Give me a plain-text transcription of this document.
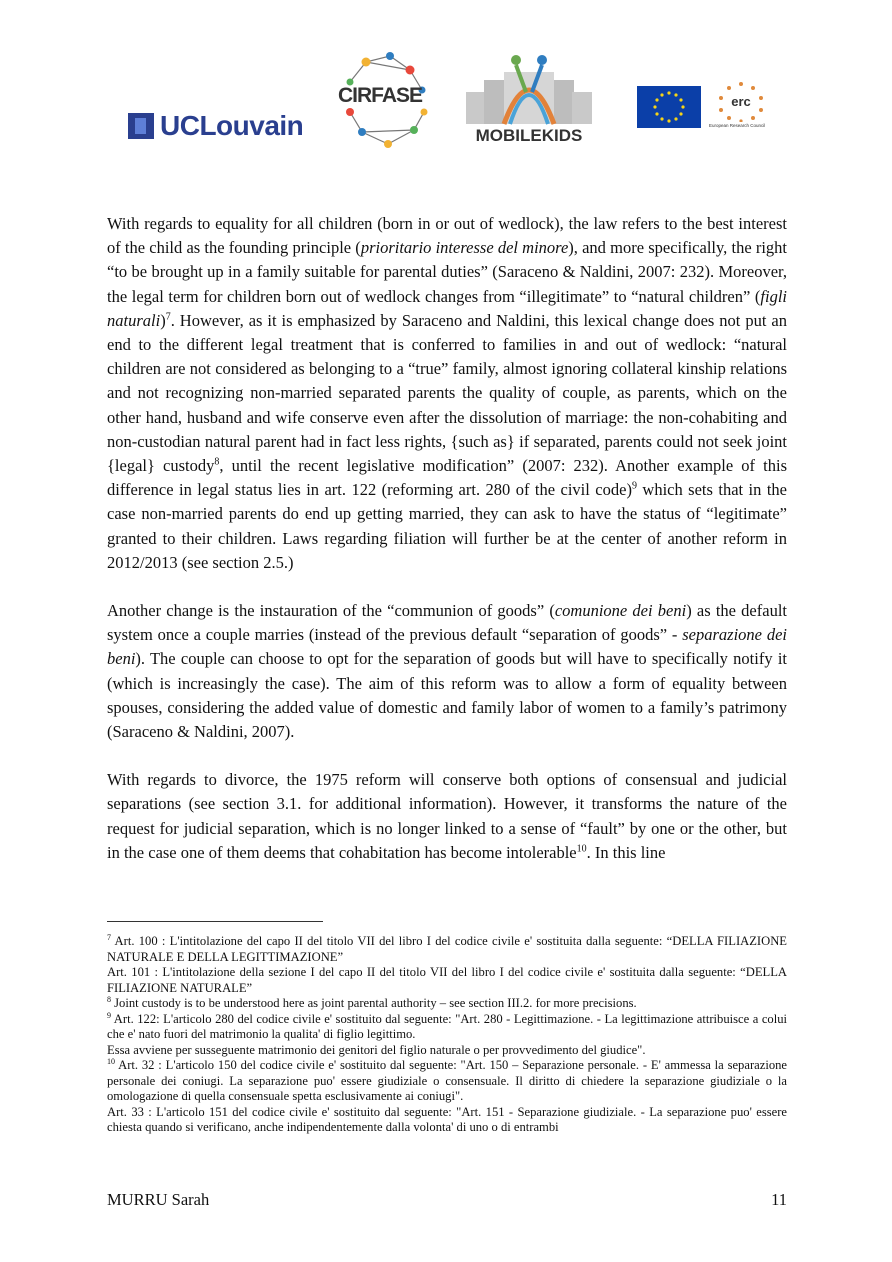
UCLouvain
CIRFASE
MOBILEKIDS
erc
European Research Council

With regards to equality for all children (born in or out of wedlock), the law refers to the best interest of the child as the founding principle (prioritario interesse del minore), and more specifically, the right “to be brought up in a family suitable for parental duties” (Saraceno & Naldini, 2007: 232). Moreover, the legal term for children born out of wedlock changes from “illegitimate” to “natural children” (figli naturali)$^7$. However, as it is emphasized by Saraceno and Naldini, this lexical change does not put an end to the different legal treatment that is conferred to families in and out of wedlock: “natural children are not considered as belonging to a “true” family, almost ignoring collateral kinship relations and not recognizing non-married separated parents the quality of couple, as parents, which on the other hand, husband and wife conserve even after the dissolution of marriage: the non-cohabiting and non-custodian natural parent had in fact less rights, {such as} if separated, parents could not seek joint {legal} custody$^8$, until the recent legislative modification” (2007: 232). Another example of this difference in legal status lies in art. 122 (reforming art. 280 of the civil code)$^9$ which sets that in the case non-married parents do end up getting married, they can ask to have the status of “legitimate” granted to their children. Laws regarding filiation will further be at the center of another reform in 2012/2013 (see section 2.5.)

Another change is the instauration of the “communion of goods” (comunione dei beni) as the default system once a couple marries (instead of the previous default “separation of goods” - separazione dei beni). The couple can choose to opt for the separation of goods but will have to specifically notify it (which is increasingly the case). The aim of this reform was to allow a form of equality between spouses, considering the added value of domestic and family labor of women to a family’s patrimony (Saraceno & Naldini, 2007).

With regards to divorce, the 1975 reform will conserve both options of consensual and judicial separations (see section 3.1. for additional information). However, it transforms the nature of the request for judicial separation, which is no longer linked to a sense of “fault” by one or the other, but in the case one of them deems that cohabitation has become intolerable$^{10}$. In this line

$^7$ Art. 100 : L'intitolazione del capo II del titolo VII del libro I del codice civile e' sostituita dalla seguente: “DELLA FILIAZIONE NATURALE E DELLA LEGITTIMAZIONE”

Art. 101 : L'intitolazione della sezione I del capo II del titolo VII del libro I del codice civile e' sostituita dalla seguente: “DELLA FILIAZIONE NATURALE”

$^8$ Joint custody is to be understood here as joint parental authority – see section III.2. for more precisions.

$^9$ Art. 122: L'articolo 280 del codice civile e' sostituito dal seguente: "Art. 280 - Legittimazione. - La legittimazione attribuisce a colui che e' nato fuori del matrimonio la qualita' di figlio legittimo.

Essa avviene per susseguente matrimonio dei genitori del figlio naturale o per provvedimento del giudice".

$^{10}$ Art. 32 : L'articolo 150 del codice civile e' sostituito dal seguente: "Art. 150 – Separazione personale. - E' ammessa la separazione personale dei coniugi. La separazione puo' essere giudiziale o consensuale. Il diritto di chiedere la separazione giudiziale o la omologazione di quella consensuale spetta esclusivamente ai coniugi".

Art. 33 : L'articolo 151 del codice civile e' sostituito dal seguente: "Art. 151 - Separazione giudiziale. - La separazione puo' essere chiesta quando si verificano, anche indipendentemente dalla volonta' di uno o di entrambi

MURRU Sarah	11
